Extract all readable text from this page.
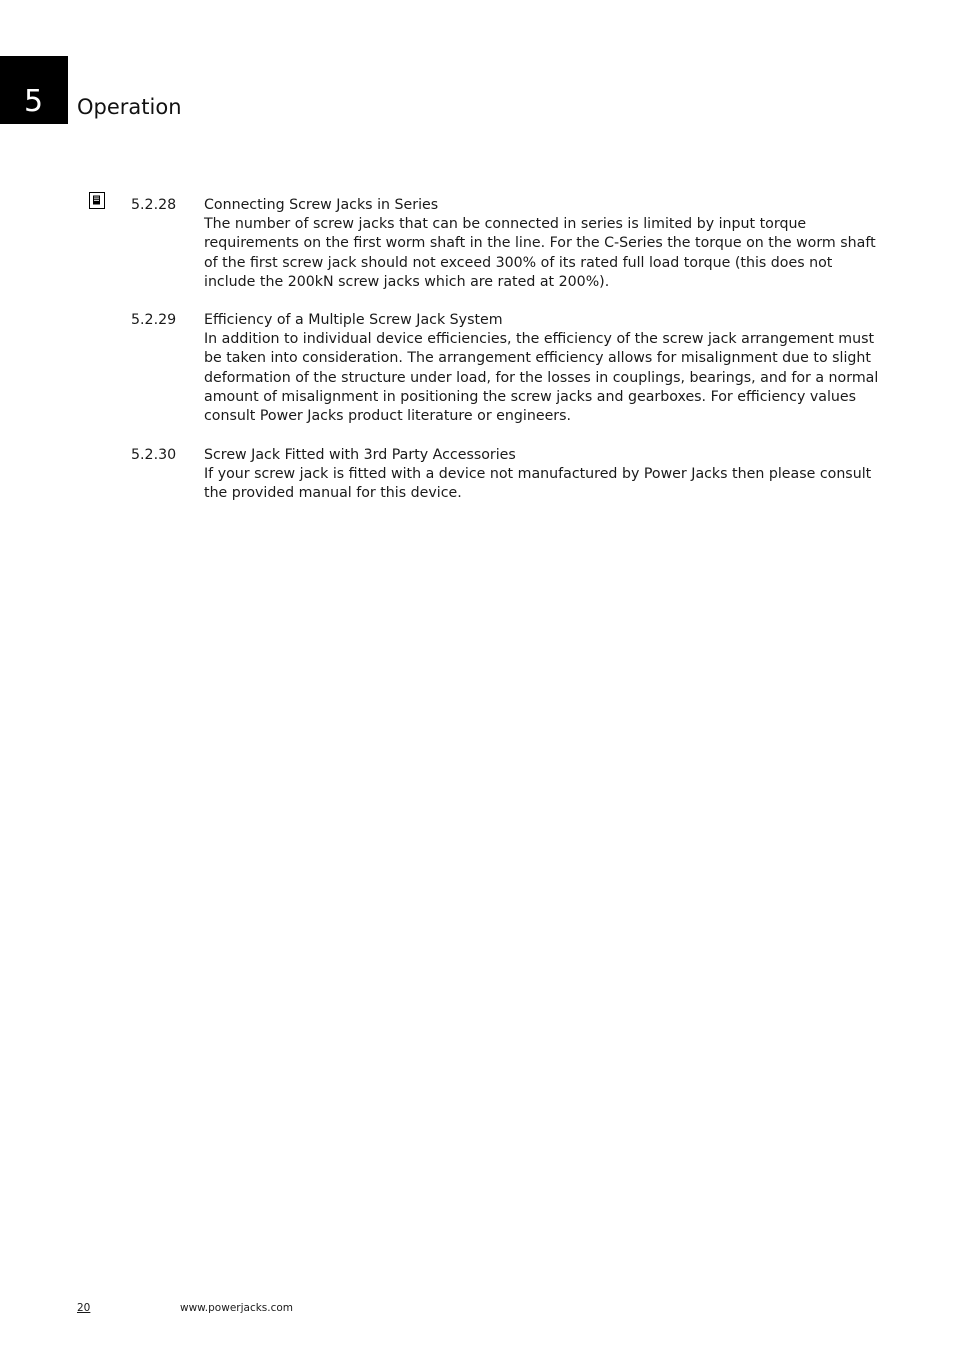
5 Operation
5.2.28	Connecting Screw Jacks in Series
The number of screw jacks that can be connected in series is limited by input torque requirements on the first worm shaft in the line. For the C-Series the torque on the worm shaft of the first screw jack should not exceed 300% of its rated full load torque (this does not include the 200kN screw jacks which are rated at 200%).
5.2.29	Efficiency of a Multiple Screw Jack System
In addition to individual device efficiencies, the efficiency of the screw jack arrangement must be taken into consideration. The arrangement efficiency allows for misalignment due to slight deformation of the structure under load, for the losses in couplings, bearings, and for a normal amount of misalignment in positioning the screw jacks and gearboxes. For efficiency values consult Power Jacks product literature or engineers.
5.2.30	Screw Jack Fitted with 3rd Party Accessories
If your screw jack is fitted with a device not manufactured by Power Jacks then please consult the provided manual for this device.
20	www.powerjacks.com
